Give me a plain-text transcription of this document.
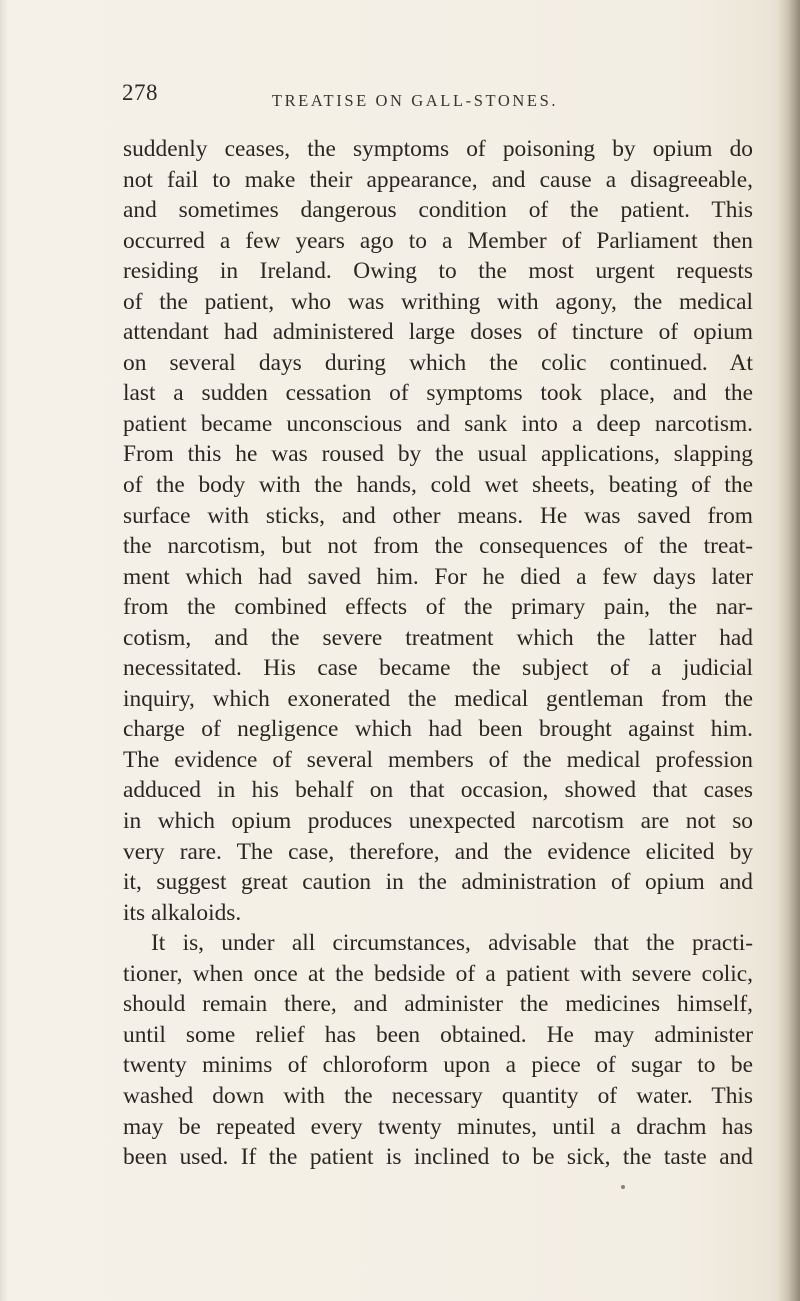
278	TREATISE ON GALL-STONES.
suddenly ceases, the symptoms of poisoning by opium do
not fail to make their appearance, and cause a disagreeable,
and sometimes dangerous condition of the patient. This
occurred a few years ago to a Member of Parliament then
residing in Ireland. Owing to the most urgent requests
of the patient, who was writhing with agony, the medical
attendant had administered large doses of tincture of opium
on several days during which the colic continued. At
last a sudden cessation of symptoms took place, and the
patient became unconscious and sank into a deep narcotism.
From this he was roused by the usual applications, slapping
of the body with the hands, cold wet sheets, beating of the
surface with sticks, and other means. He was saved from
the narcotism, but not from the consequences of the treat-
ment which had saved him. For he died a few days later
from the combined effects of the primary pain, the nar-
cotism, and the severe treatment which the latter had
necessitated. His case became the subject of a judicial
inquiry, which exonerated the medical gentleman from the
charge of negligence which had been brought against him.
The evidence of several members of the medical profession
adduced in his behalf on that occasion, showed that cases
in which opium produces unexpected narcotism are not so
very rare. The case, therefore, and the evidence elicited by
it, suggest great caution in the administration of opium and
its alkaloids.
It is, under all circumstances, advisable that the practi-
tioner, when once at the bedside of a patient with severe colic,
should remain there, and administer the medicines himself,
until some relief has been obtained. He may administer
twenty minims of chloroform upon a piece of sugar to be
washed down with the necessary quantity of water. This
may be repeated every twenty minutes, until a drachm has
been used. If the patient is inclined to be sick, the taste and
